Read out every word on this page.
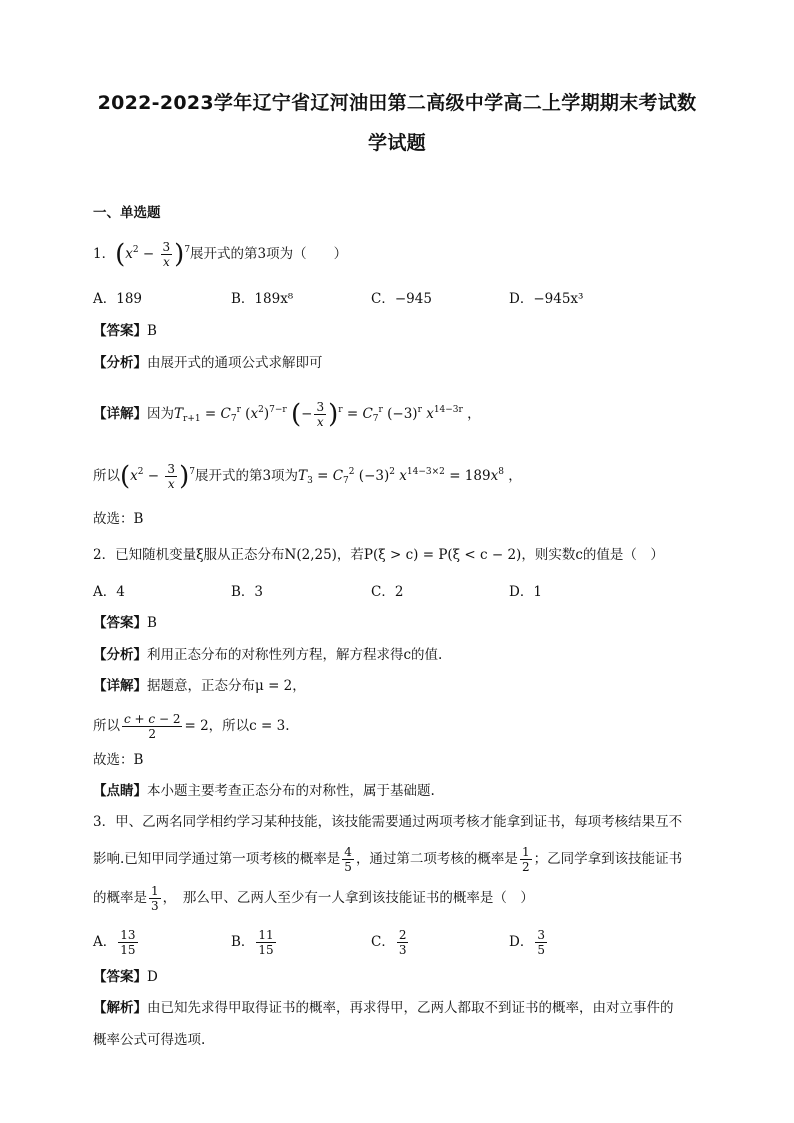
2022-2023学年辽宁省辽河油田第二高级中学高二上学期期末考试数
学试题
一、单选题
1．$(x^2 - \frac{3}{x} )^7$展开式的第3项为（　　）
A．189	B．189x⁸	C．−945	D．−945x³
【答案】B
【分析】由展开式的通项公式求解即可
【详解】因为$T_{r+1} = C_7^r$ $(x^2)^{7-r}$ (− $\frac{3}{x} )^r = C_7^r$ $(-3)^r$ $x^{14-3r}$ ，
所以$(x^2 - \frac{3}{x} )^7$展开式的第3项为$T_3 = C_7^2$ $(-3)^2$ $x^{14-3\times 2} = 189x^8$ ，
故选：B
2．已知随机变量ξ服从正态分布N(2,25)，若P(ξ > c) = P(ξ < c − 2)，则实数c的值是（　）
A．4	B．3	C．2	D．1
【答案】B
【分析】利用正态分布的对称性列方程，解方程求得c的值.
【详解】据题意，正态分布μ = 2，
所以 $\frac{c + c - 2}{2} = 2$，所以c = 3.
故选：B
【点睛】本小题主要考查正态分布的对称性，属于基础题.
3．甲、乙两名同学相约学习某种技能，该技能需要通过两项考核才能拿到证书，每项考核结果互不
影响.已知甲同学通过第一项考核的概率是 $\frac{4}{5}$ ，通过第二项考核的概率是 $\frac{1}{2}$ ；乙同学拿到该技能证书
的概率是 $\frac{1}{3}$ ，　那么甲、乙两人至少有一人拿到该技能证书的概率是（　）
A． $\frac{13}{15}$	B． $\frac{11}{15}$	C． $\frac{2}{3}$	D． $\frac{3}{5}$
【答案】D
【解析】由已知先求得甲取得证书的概率，再求得甲，乙两人都取不到证书的概率，由对立事件的
概率公式可得选项.
